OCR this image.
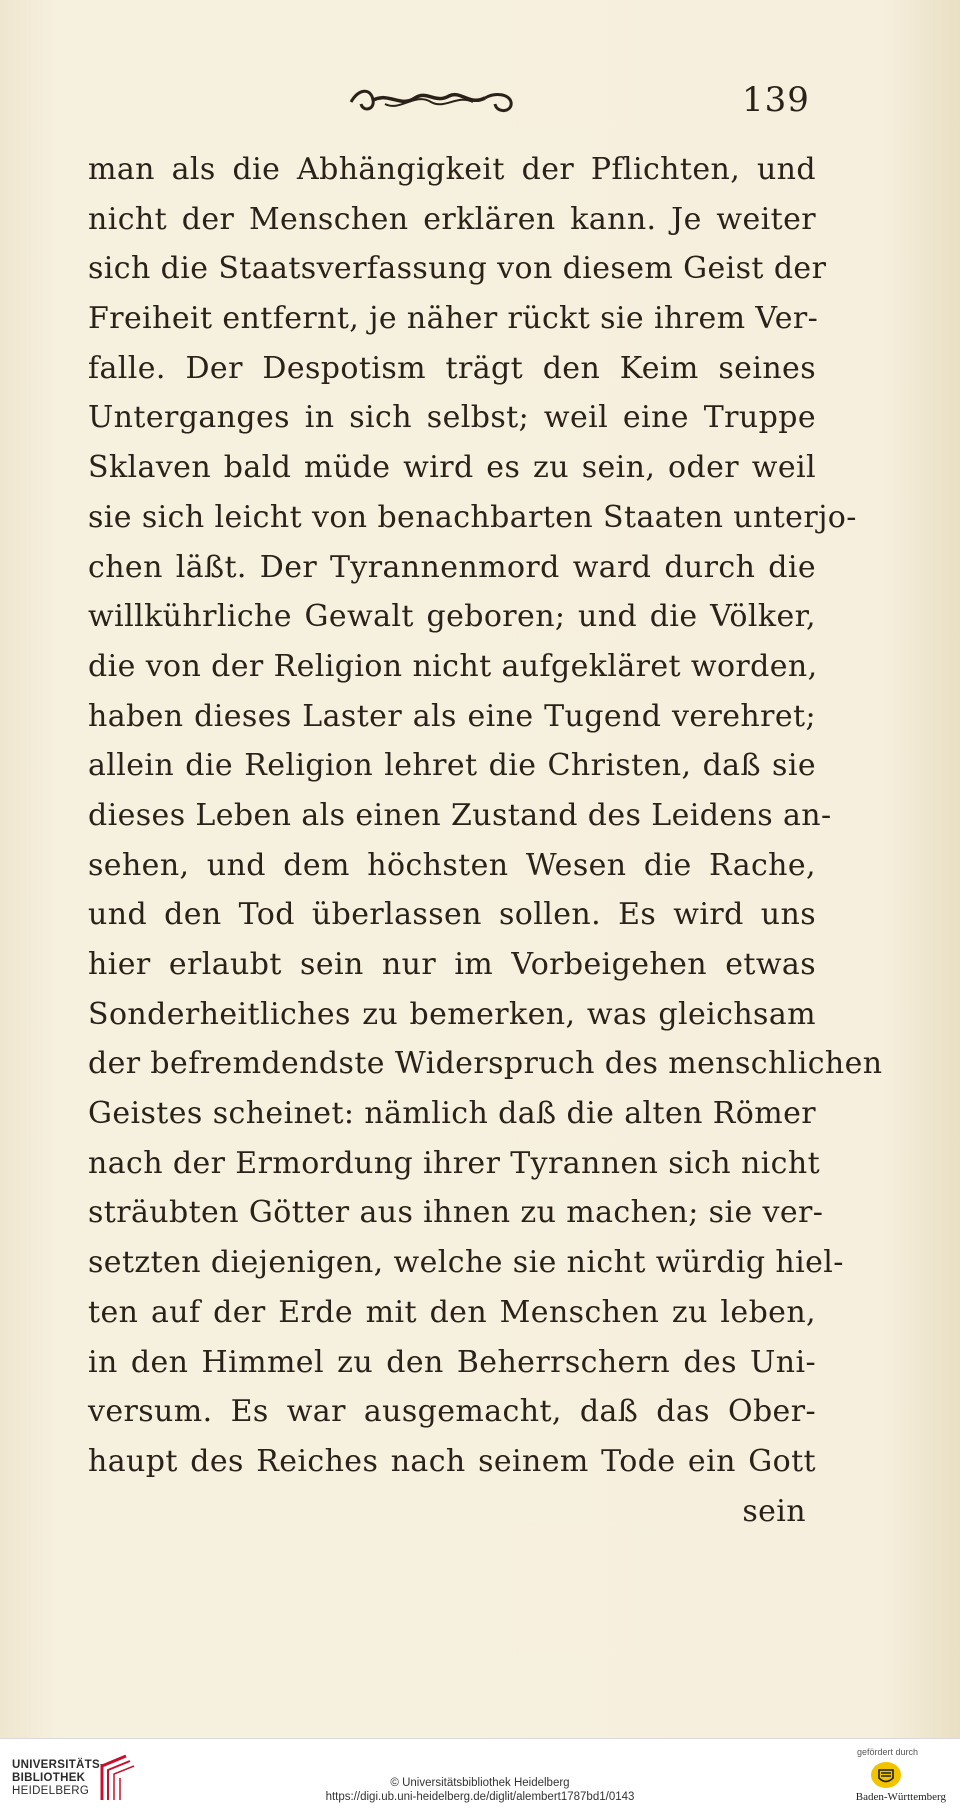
139
man als die Abhängigkeit der Pflichten, und
nicht der Menschen erklären kann. Je weiter
sich die Staatsverfassung von diesem Geist der
Freiheit entfernt, je näher rückt sie ihrem Ver-
falle. Der Despotism trägt den Keim seines
Unterganges in sich selbst; weil eine Truppe
Sklaven bald müde wird es zu sein, oder weil
sie sich leicht von benachbarten Staaten unterjo-
chen läßt. Der Tyrannenmord ward durch die
willkührliche Gewalt geboren; und die Völker,
die von der Religion nicht aufgekläret worden,
haben dieses Laster als eine Tugend verehret;
allein die Religion lehret die Christen, daß sie
dieses Leben als einen Zustand des Leidens an-
sehen, und dem höchsten Wesen die Rache,
und den Tod überlassen sollen. Es wird uns
hier erlaubt sein nur im Vorbeigehen etwas
Sonderheitliches zu bemerken, was gleichsam
der befremdendste Widerspruch des menschlichen
Geistes scheinet: nämlich daß die alten Römer
nach der Ermordung ihrer Tyrannen sich nicht
sträubten Götter aus ihnen zu machen; sie ver-
setzten diejenigen, welche sie nicht würdig hiel-
ten auf der Erde mit den Menschen zu leben,
in den Himmel zu den Beherrschern des Uni-
versum. Es war ausgemacht, daß das Ober-
haupt des Reiches nach seinem Tode ein Gott
sein
UNIVERSITÄTS-
BIBLIOTHEK
HEIDELBERG
© Universitätsbibliothek Heidelberg
https://digi.ub.uni-heidelberg.de/diglit/alembert1787bd1/0143
gefördert durch
Baden-Württemberg
